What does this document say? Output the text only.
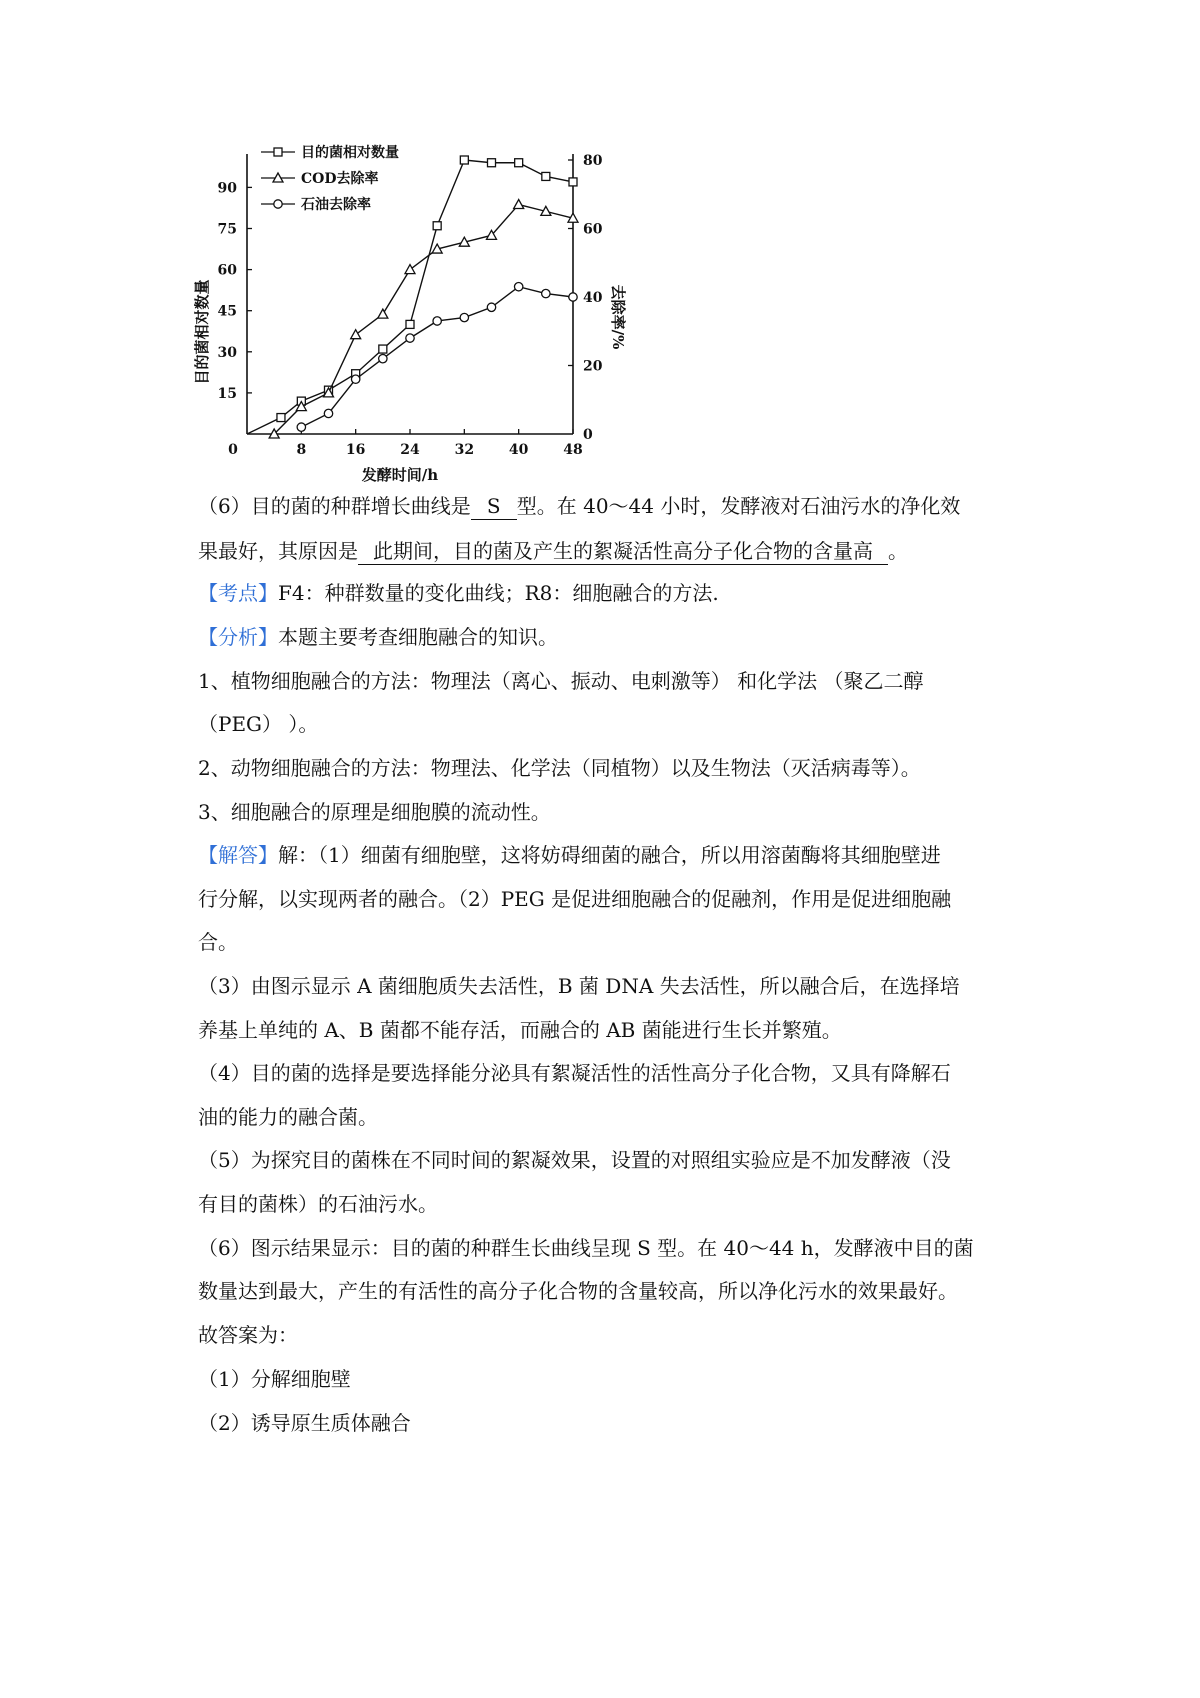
0	8	16 24 32 40 48
15
30
45
60
75
90
0
20
40
60
80
发酵时间/h
目的菌相对数量	去除率/%
目的菌相对数量
COD去除率
石油去除率
（6）目的菌的种群增长曲线是 S 型。在 40～44 小时，发酵液对石油污水的净化效
果最好，其原因是 此期间，目的菌及产生的絮凝活性高分子化合物的含量高 。
【考点】F4：种群数量的变化曲线；R8：细胞融合的方法.
【分析】本题主要考查细胞融合的知识。
1、植物细胞融合的方法：物理法（离心、振动、电刺激等） 和化学法 （聚乙二醇
（PEG） ）。
2、动物细胞融合的方法：物理法、化学法（同植物）以及生物法（灭活病毒等）。
3、细胞融合的原理是细胞膜的流动性。
【解答】解：（1）细菌有细胞壁，这将妨碍细菌的融合，所以用溶菌酶将其细胞壁进
行分解，以实现两者的融合。（2）PEG 是促进细胞融合的促融剂，作用是促进细胞融
合。
（3）由图示显示 A 菌细胞质失去活性，B 菌 DNA 失去活性，所以融合后，在选择培
养基上单纯的 A、B 菌都不能存活，而融合的 AB 菌能进行生长并繁殖。
（4）目的菌的选择是要选择能分泌具有絮凝活性的活性高分子化合物，又具有降解石
油的能力的融合菌。
（5）为探究目的菌株在不同时间的絮凝效果，设置的对照组实验应是不加发酵液（没
有目的菌株）的石油污水。
（6）图示结果显示：目的菌的种群生长曲线呈现 S 型。在 40～44 h，发酵液中目的菌
数量达到最大，产生的有活性的高分子化合物的含量较高，所以净化污水的效果最好。
故答案为：
（1）分解细胞壁
（2）诱导原生质体融合
